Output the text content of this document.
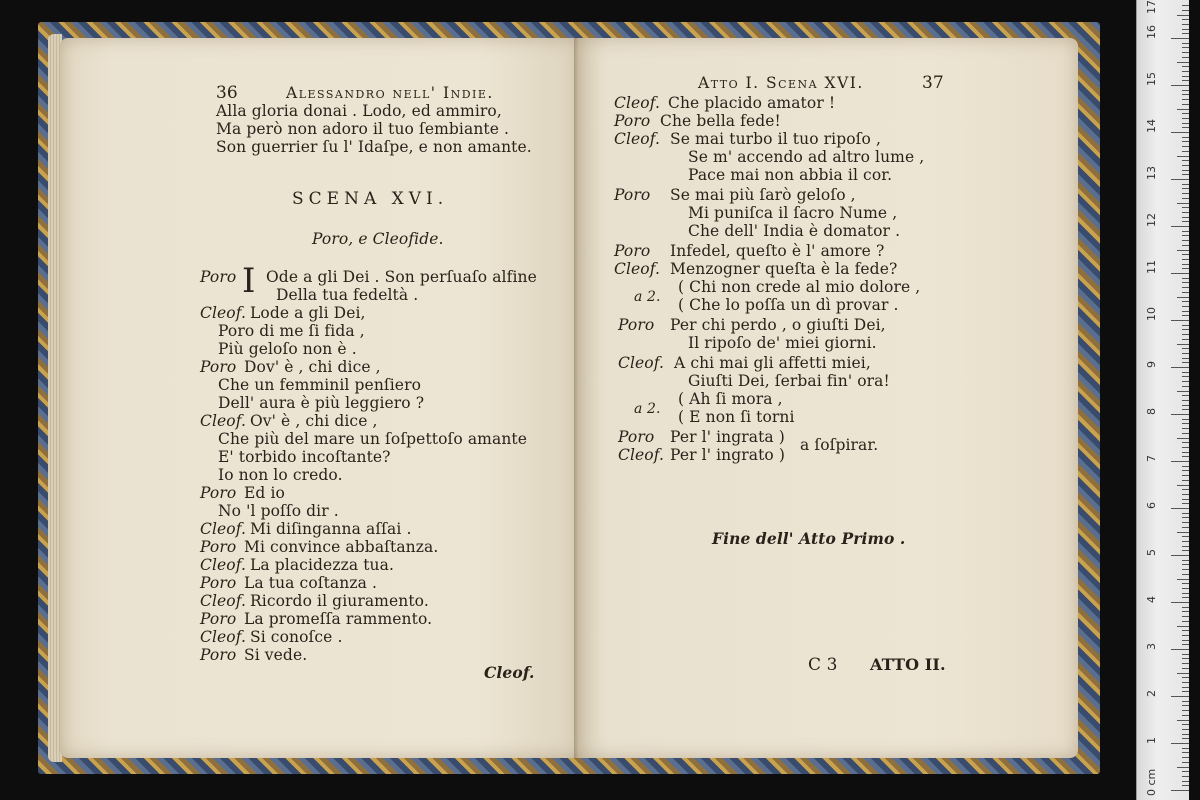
36	Alessandro nell' Indie.
Alla gloria donai . Lodo, ed ammiro,
Ma però non adoro il tuo ſembiante .
Son guerrier ſu l' Idaſpe, e non amante.
SCENA XVI.
Poro, e Cleofide.
Poro I Ode a gli Dei . Son perſuaſo alfine
Della tua fedeltà .
Cleof. Lode a gli Dei,
Poro di me ſi fida ,
Più geloſo non è .
Poro Dov' è , chi dice ,
Che un femminil penſiero
Dell' aura è più leggiero ?
Cleof. Ov' è , chi dice ,
Che più del mare un ſoſpettoſo amante
E' torbido incoſtante?
Io non lo credo.
Poro Ed io
No 'l poſſo dir .
Cleof. Mi diſinganna aſſai .
Poro Mi convince abbaſtanza.
Cleof. La placidezza tua.
Poro La tua coſtanza .
Cleof. Ricordo il giuramento.
Poro La promeſſa rammento.
Cleof. Si conoſce .
Poro Si vede.
Cleof.
Atto I. Scena XVI.	37
Cleof. Che placido amator !
Poro Che bella fede!
Cleof. Se mai turbo il tuo ripoſo ,
Se m' accendo ad altro lume ,
Pace mai non abbia il cor.
Poro Se mai più ſarò geloſo ,
Mi puniſca il ſacro Nume ,
Che dell' India è domator .
Poro Infedel, queſto è l' amore ?
Cleof. Menzogner queſta è la fede?
a 2.
( Chi non crede al mio dolore ,
( Che lo poſſa un dì provar .
Poro Per chi perdo , o giuſti Dei,
Il ripoſo de' miei giorni.
Cleof. A chi mai gli affetti miei,
Giuſti Dei, ſerbai fin' ora!
a 2.
( Ah ſi mora ,
( E non ſi torni
Poro Per l' ingrata )
Cleof. Per l' ingrato )
a ſoſpirar.
Fine dell' Atto Primo .
C 3 ATTO II.
0 cm
1
2
3
4
5
6
7
8
9
10
11
12
13
14
15
16
17
